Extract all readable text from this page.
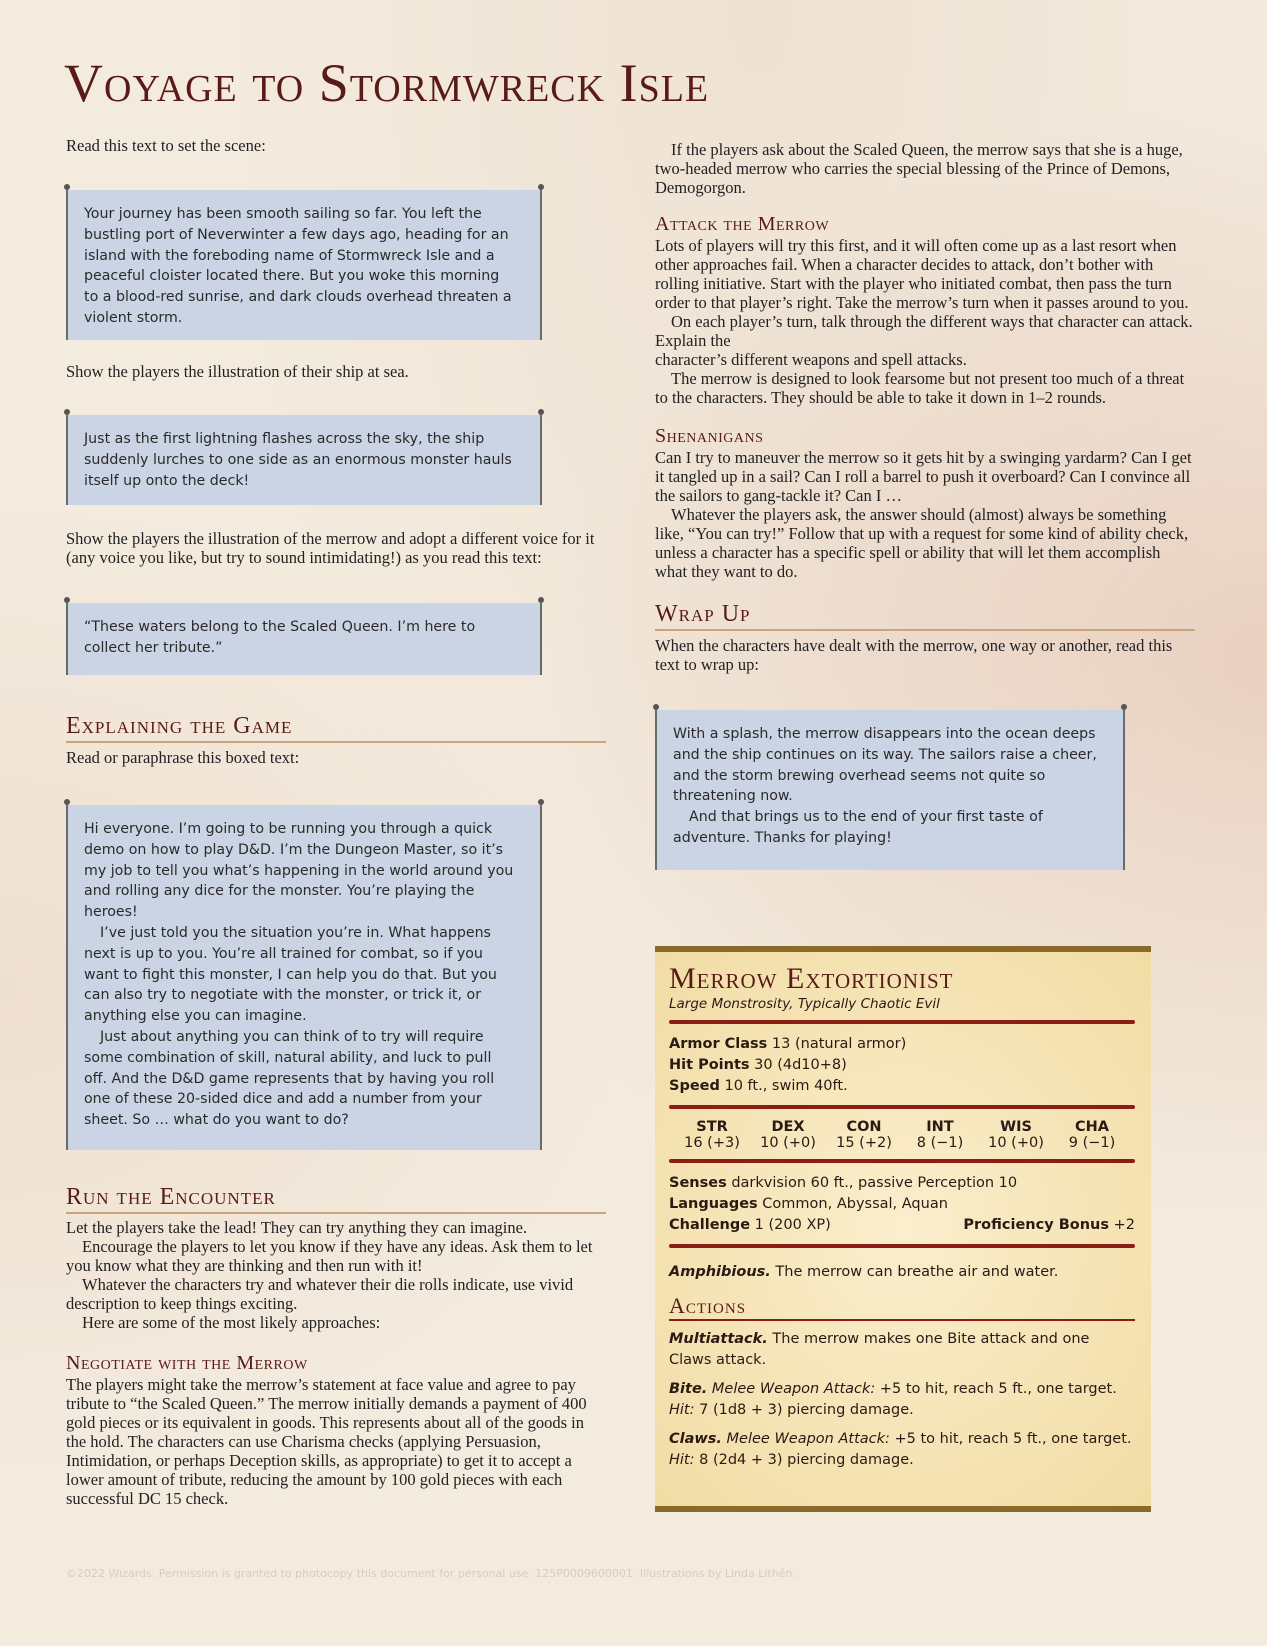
Voyage to Stormwreck Isle

Read this text to set the scene:

Your journey has been smooth sailing so far. You left the bustling port of Neverwinter a few days ago, heading for an island with the foreboding name of Stormwreck Isle and a peaceful cloister located there. But you woke this morning to a blood-red sunrise, and dark clouds overhead threaten a violent storm.

Show the players the illustration of their ship at sea.

Just as the first lightning flashes across the sky, the ship suddenly lurches to one side as an enormous monster hauls itself up onto the deck!

Show the players the illustration of the merrow and adopt a different voice for it (any voice you like, but try to sound intimidating!) as you read this text:

“These waters belong to the Scaled Queen. I’m here to collect her tribute.”

Explaining the Game

Read or paraphrase this boxed text:

Hi everyone. I’m going to be running you through a quick demo on how to play D&D. I’m the Dungeon Master, so it’s my job to tell you what’s happening in the world around you and rolling any dice for the monster. You’re playing the heroes!

I’ve just told you the situation you’re in. What happens next is up to you. You’re all trained for combat, so if you want to fight this monster, I can help you do that. But you can also try to negotiate with the monster, or trick it, or anything else you can imagine.

Just about anything you can think of to try will require some combination of skill, natural ability, and luck to pull off. And the D&D game represents that by having you roll one of these 20-sided dice and add a number from your sheet. So … what do you want to do?

Run the Encounter

Let the players take the lead! They can try anything they can imagine.

Encourage the players to let you know if they have any ideas. Ask them to let you know what they are thinking and then run with it!

Whatever the characters try and whatever their die rolls indicate, use vivid description to keep things exciting.

Here are some of the most likely approaches:

Negotiate with the Merrow

The players might take the merrow’s statement at face value and agree to pay tribute to “the Scaled Queen.” The merrow initially demands a payment of 400 gold pieces or its equivalent in goods. This represents about all of the goods in the hold. The characters can use Charisma checks (applying Persuasion, Intimidation, or perhaps Deception skills, as appropriate) to get it to accept a lower amount of tribute, reducing the amount by 100 gold pieces with each successful DC 15 check.

If the players ask about the Scaled Queen, the merrow says that she is a huge, two-headed merrow who carries the special blessing of the Prince of Demons, Demogorgon.

Attack the Merrow

Lots of players will try this first, and it will often come up as a last resort when other approaches fail. When a character decides to attack, don’t bother with rolling initiative. Start with the player who initiated combat, then pass the turn order to that player’s right. Take the merrow’s turn when it passes around to you.

On each player’s turn, talk through the different ways that character can attack. Explain the

character’s different weapons and spell attacks.

The merrow is designed to look fearsome but not present too much of a threat to the characters. They should be able to take it down in 1–2 rounds.

Shenanigans

Can I try to maneuver the merrow so it gets hit by a swinging yardarm? Can I get it tangled up in a sail? Can I roll a barrel to push it overboard? Can I convince all the sailors to gang-tackle it? Can I …

Whatever the players ask, the answer should (almost) always be something like, “You can try!” Follow that up with a request for some kind of ability check, unless a character has a specific spell or ability that will let them accomplish what they want to do.

Wrap Up

When the characters have dealt with the merrow, one way or another, read this text to wrap up:

With a splash, the merrow disappears into the ocean deeps and the ship continues on its way. The sailors raise a cheer, and the storm brewing overhead seems not quite so threatening now.

And that brings us to the end of your first taste of adventure. Thanks for playing!

Merrow Extortionist
Large Monstrosity, Typically Chaotic Evil
Armor Class 13 (natural armor)
Hit Points 30 (4d10+8)
Speed 10 ft., swim 40ft.
STR
16 (+3)
DEX
10 (+0)
CON
15 (+2)
INT
8 (−1)
WIS
10 (+0)
CHA
9 (−1)
Senses darkvision 60 ft., passive Perception 10
Languages Common, Abyssal, Aquan
Challenge 1 (200 XP)	Proficiency Bonus +2
Amphibious. The merrow can breathe air and water.
Actions
Multiattack. The merrow makes one Bite attack and one Claws attack.
Bite. Melee Weapon Attack: +5 to hit, reach 5 ft., one target.
Hit: 7 (1d8 + 3) piercing damage.
Claws. Melee Weapon Attack: +5 to hit, reach 5 ft., one target.
Hit: 8 (2d4 + 3) piercing damage.
©2022 Wizards. Permission is granted to photocopy this document for personal use. 125P0009600001. Illustrations by Linda Lithén.
